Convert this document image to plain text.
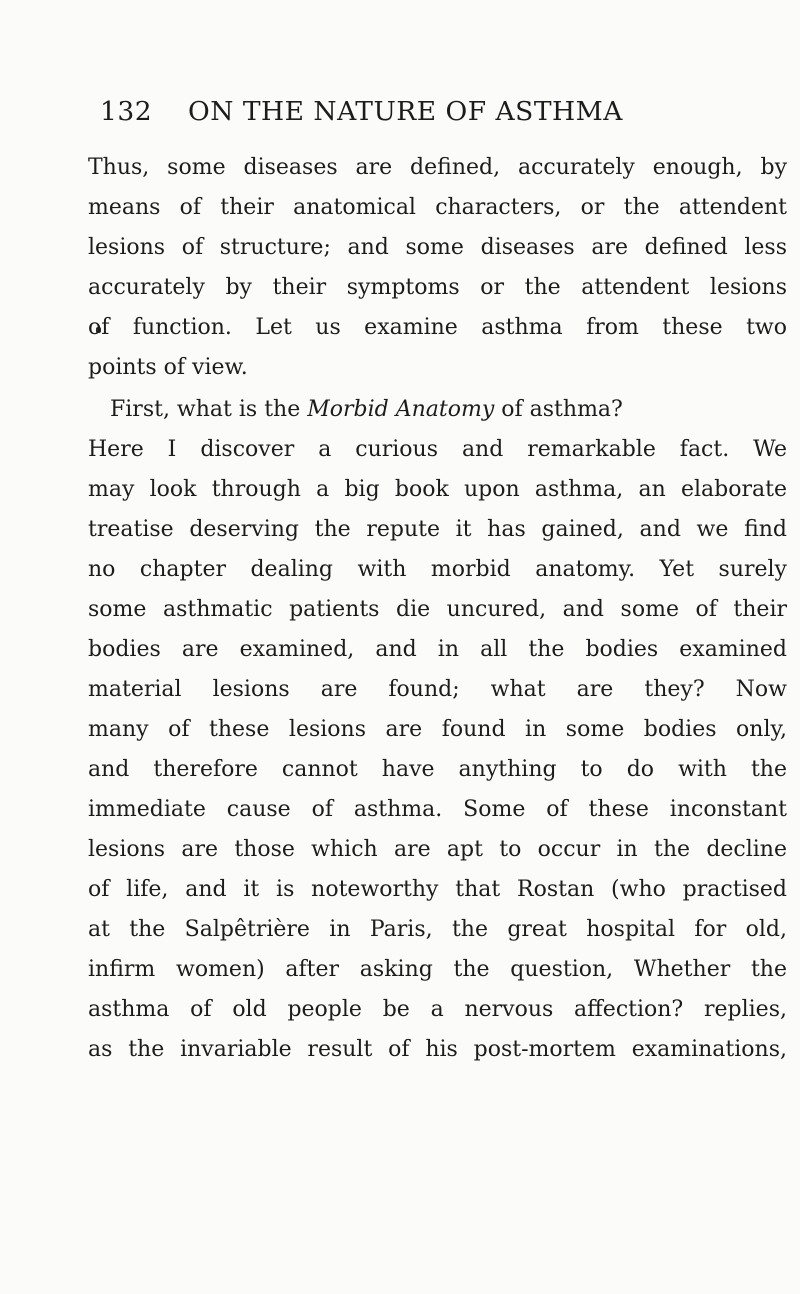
132 ON THE NATURE OF ASTHMA
Thus, some diseases are defined, accurately enough, by
means of their anatomical characters, or the attendent
lesions of structure; and some diseases are defined less
accurately by their symptoms or the attendent lesions
of function. Let us examine asthma from these two
points of view.
First, what is the Morbid Anatomy of asthma?
Here I discover a curious and remarkable fact. We
may look through a big book upon asthma, an elaborate
treatise deserving the repute it has gained, and we find
no chapter dealing with morbid anatomy. Yet surely
some asthmatic patients die uncured, and some of their
bodies are examined, and in all the bodies examined
material lesions are found; what are they? Now
many of these lesions are found in some bodies only,
and therefore cannot have anything to do with the
immediate cause of asthma. Some of these inconstant
lesions are those which are apt to occur in the decline
of life, and it is noteworthy that Rostan (who practised
at the Salpêtrière in Paris, the great hospital for old,
infirm women) after asking the question, Whether the
asthma of old people be a nervous affection? replies,
as the invariable result of his post-mortem examinations,
